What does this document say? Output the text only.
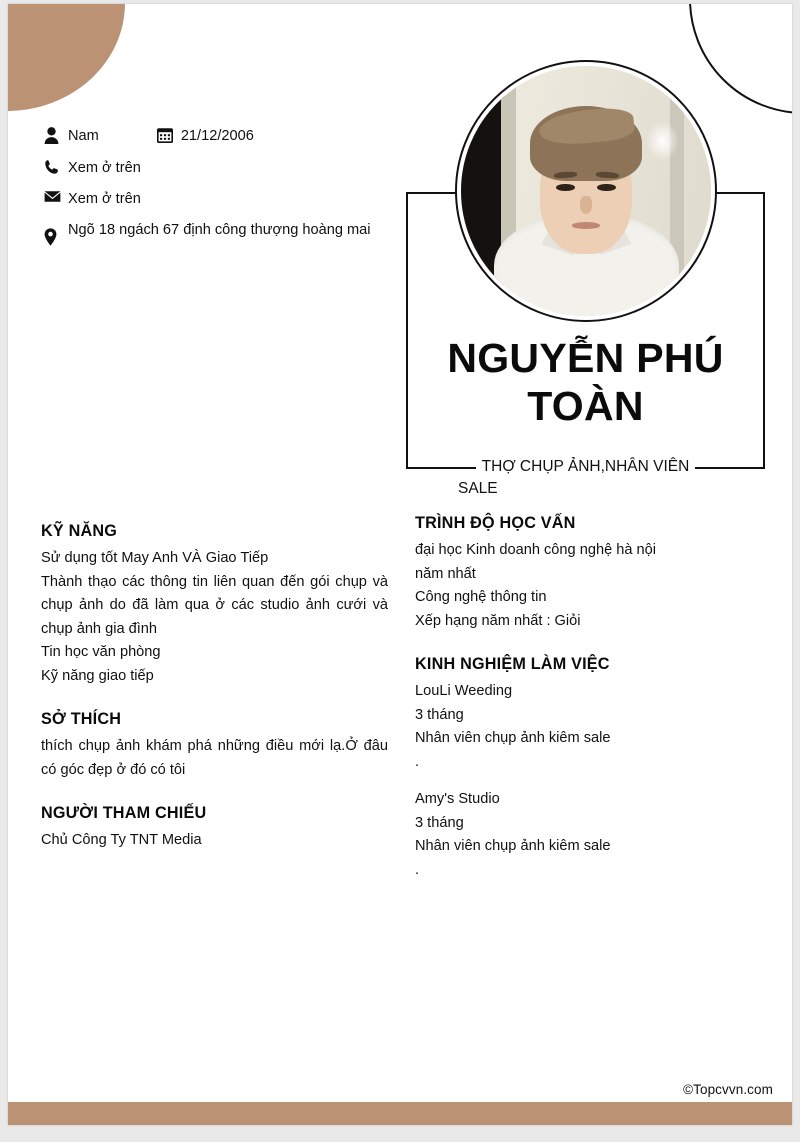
Nam	21/12/2006
Xem ở trên
Xem ở trên
Ngõ 18 ngách 67 định công thượng hoàng mai
NGUYỄN PHÚ TOÀN
THỢ CHỤP ẢNH,NHÂN VIÊN
SALE
KỸ NĂNG
Sử dụng tốt May Anh VÀ Giao Tiếp
Thành thạo các thông tin liên quan đến gói chụp và chụp ảnh do đã làm qua ở các studio ảnh cưới và chụp ảnh gia đình
Tin học văn phòng
Kỹ năng giao tiếp
SỞ THÍCH
thích chụp ảnh khám phá những điều mới lạ.Ở đâu có góc đẹp ở đó có tôi
NGƯỜI THAM CHIẾU
Chủ Công Ty TNT Media
TRÌNH ĐỘ HỌC VẤN
đại học Kinh doanh công nghệ hà nội
năm nhất
Công nghệ thông tin
Xếp hạng năm nhất : Giỏi
KINH NGHIỆM LÀM VIỆC
LouLi Weeding
3 tháng
Nhân viên chụp ảnh kiêm sale
.
Amy's Studio
3 tháng
Nhân viên chụp ảnh kiêm sale
.
©Topcvvn.com
